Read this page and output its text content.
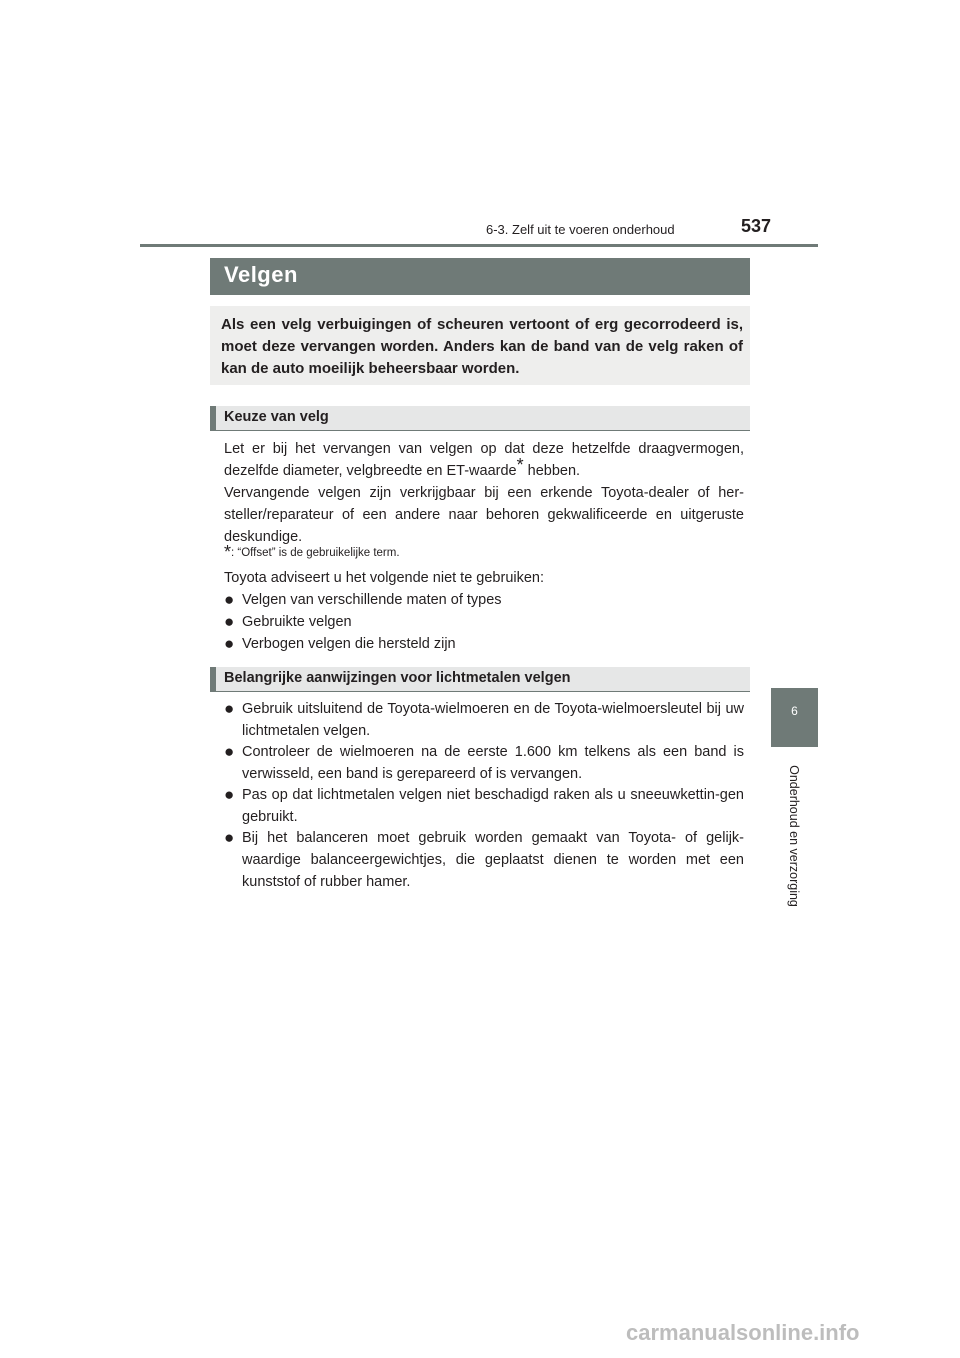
6-3. Zelf uit te voeren onderhoud	537
6
Onderhoud en verzorging
Velgen
Als een velg verbuigingen of scheuren vertoont of erg gecorrodeerd is, moet deze vervangen worden. Anders kan de band van de velg raken of kan de auto moeilijk beheersbaar worden.
Keuze van velg
Let er bij het vervangen van velgen op dat deze hetzelfde draagvermogen, dezelfde diameter, velgbreedte en ET-waarde* hebben.
Vervangende velgen zijn verkrijgbaar bij een erkende Toyota-dealer of her-steller/reparateur of een andere naar behoren gekwalificeerde en uitgeruste deskundige.
*: “Offset” is de gebruikelijke term.
Toyota adviseert u het volgende niet te gebruiken:
● Velgen van verschillende maten of types
● Gebruikte velgen
● Verbogen velgen die hersteld zijn
Belangrijke aanwijzingen voor lichtmetalen velgen
● Gebruik uitsluitend de Toyota-wielmoeren en de Toyota-wielmoersleutel bij uw lichtmetalen velgen.
● Controleer de wielmoeren na de eerste 1.600 km telkens als een band is verwisseld, een band is gerepareerd of is vervangen.
● Pas op dat lichtmetalen velgen niet beschadigd raken als u sneeuwkettin-gen gebruikt.
● Bij het balanceren moet gebruik worden gemaakt van Toyota- of gelijk-waardige balanceergewichtjes, die geplaatst dienen te worden met een kunststof of rubber hamer.
carmanualsonline.info
